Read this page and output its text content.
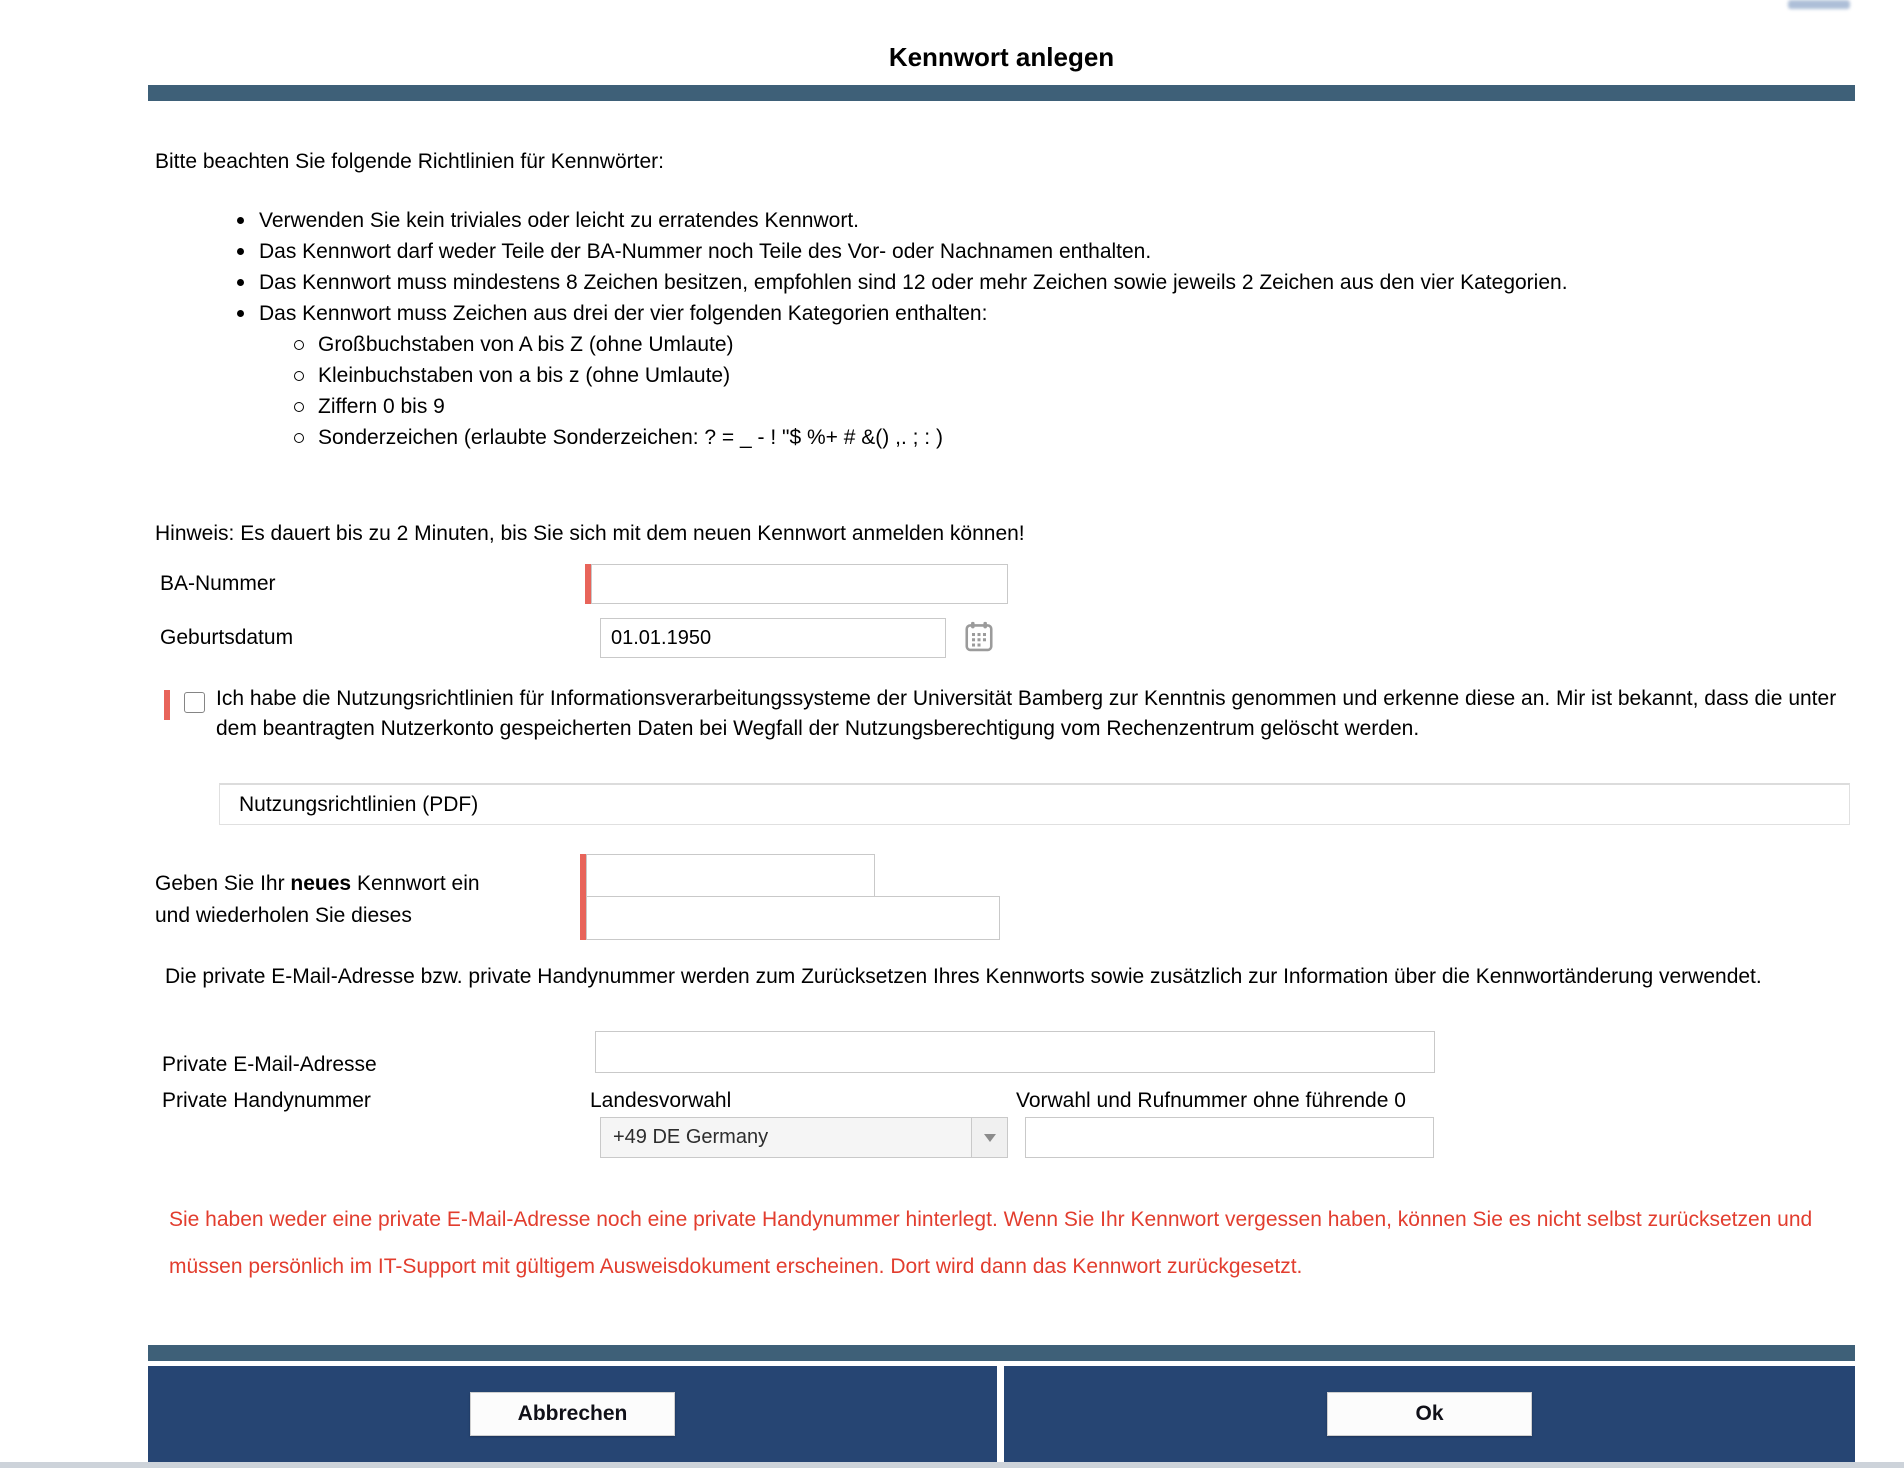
Kennwort anlegen
Bitte beachten Sie folgende Richtlinien für Kennwörter:
Verwenden Sie kein triviales oder leicht zu erratendes Kennwort.
Das Kennwort darf weder Teile der BA-Nummer noch Teile des Vor- oder Nachnamen enthalten.
Das Kennwort muss mindestens 8 Zeichen besitzen, empfohlen sind 12 oder mehr Zeichen sowie jeweils 2 Zeichen aus den vier Kategorien.
Das Kennwort muss Zeichen aus drei der vier folgenden Kategorien enthalten:
Großbuchstaben von A bis Z (ohne Umlaute)
Kleinbuchstaben von a bis z (ohne Umlaute)
Ziffern 0 bis 9
Sonderzeichen (erlaubte Sonderzeichen: ? = _ - ! "$ %+ # &() ,. ; : )
Hinweis: Es dauert bis zu 2 Minuten, bis Sie sich mit dem neuen Kennwort anmelden können!
BA-Nummer
Geburtsdatum
01.01.1950
Ich habe die Nutzungsrichtlinien für Informationsverarbeitungssysteme der Universität Bamberg zur Kenntnis genommen und erkenne diese an. Mir ist bekannt, dass die unter dem beantragten Nutzerkonto gespeicherten Daten bei Wegfall der Nutzungsberechtigung vom Rechenzentrum gelöscht werden.
Nutzungsrichtlinien (PDF)
Geben Sie Ihr neues Kennwort ein
und wiederholen Sie dieses
Die private E-Mail-Adresse bzw. private Handynummer werden zum Zurücksetzen Ihres Kennworts sowie zusätzlich zur Information über die Kennwortänderung verwendet.
Private E-Mail-Adresse
Private Handynummer	Landesvorwahl	Vorwahl und Rufnummer ohne führende 0
+49 DE Germany
Sie haben weder eine private E-Mail-Adresse noch eine private Handynummer hinterlegt. Wenn Sie Ihr Kennwort vergessen haben, können Sie es nicht selbst zurücksetzen und müssen persönlich im IT-Support mit gültigem Ausweisdokument erscheinen. Dort wird dann das Kennwort zurückgesetzt.
Abbrechen	Ok
